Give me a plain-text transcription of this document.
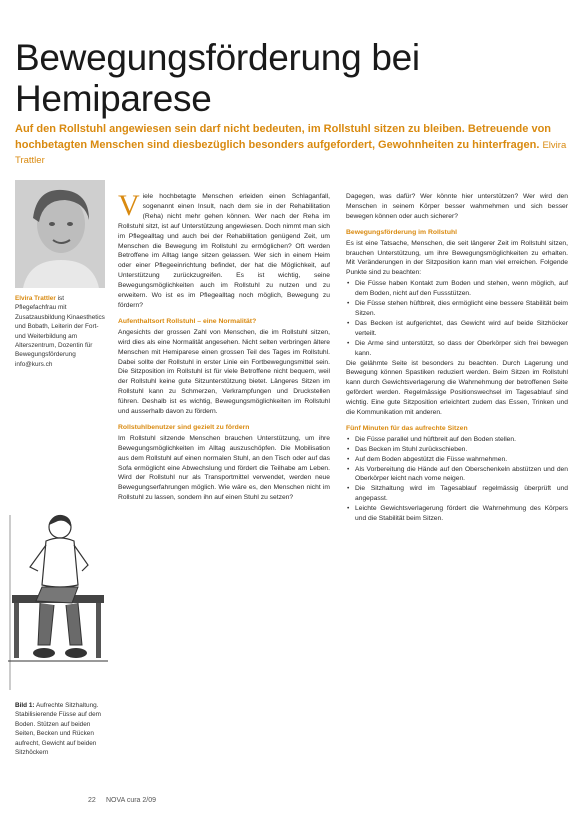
Bewegungsförderung bei Hemiparese
Auf den Rollstuhl angewiesen sein darf nicht bedeuten, im Rollstuhl sitzen zu bleiben. Betreuende von hochbetagten Menschen sind diesbezüglich besonders aufgefordert, Gewohnheiten zu hinterfragen. Elvira Trattler
Elvira Trattler ist Pflegefachfrau mit Zusatzausbildung Kinaesthetics und Bobath, Leiterin der Fort- und Weiterbildung am Alterszentrum, Dozentin für Bewegungsförderung
info@kurs.ch
Bild 1: Aufrechte Sitzhaltung. Stabilisierende Füsse auf dem Boden. Stützen auf beiden Seiten, Becken und Rücken aufrecht, Gewicht auf beiden Sitzhöckern

Viele hochbetagte Menschen erleiden einen Schlaganfall, sogenannt einen Insult, nach dem sie in der Rehabilitation (Reha) nicht mehr gehen können. Wer nach der Reha im Rollstuhl sitzt, ist auf Unterstützung angewiesen. Doch nimmt man sich im Pflegealltag und auch bei der Rehabilitation genügend Zeit, um Menschen die Bewegung im Rollstuhl zu ermöglichen? Oft werden Betroffene im Alltag lange sitzen gelassen. Wer sich in einem Heim oder einer Pflegeeinrichtung befindet, der hat die Möglichkeit, auf Unterstützung zurückzugreifen. Es ist wichtig, seine Bewegungsmöglichkeiten auch im Rollstuhl zu nutzen und zu erweitern. Wo ist es im Pflegealltag noch möglich, Bewegung zu fördern?

Aufenthaltsort Rollstuhl – eine Normalität?

Angesichts der grossen Zahl von Menschen, die im Rollstuhl sitzen, wird dies als eine Normalität angesehen. Nicht selten verbringen ältere Menschen mit Hemiparese einen grossen Teil des Tages im Rollstuhl. Dabei sollte der Rollstuhl in erster Linie ein Fortbewegungsmittel sein. Die Sitzposition im Rollstuhl ist für viele Betroffene nicht bequem, weil der Rollstuhl keine gute Sitzunterstützung bietet. Längeres Sitzen im Rollstuhl kann zu Schmerzen, Verkrampfungen und Druckstellen führen. Deshalb ist es wichtig, Bewegungsmöglichkeiten im Rollstuhl und ausserhalb davon zu fördern.

Rollstuhlbenutzer sind gezielt zu fördern

Im Rollstuhl sitzende Menschen brauchen Unterstützung, um ihre Bewegungsmöglichkeiten im Alltag auszuschöpfen. Die Mobilisation aus dem Rollstuhl auf einen normalen Stuhl, an den Tisch oder auf das Sofa ermöglicht eine Abwechslung und fördert die Teilhabe am Leben. Wird der Rollstuhl nur als Transportmittel verwendet, werden neue Bewegungserfahrungen möglich. Wie wäre es, den Menschen nicht im Rollstuhl zu lassen, sondern ihn auf einen Stuhl zu setzen?

Dagegen, was dafür? Wer könnte hier unterstützen? Wer wird den Menschen in seinem Körper besser wahrnehmen und sich besser bewegen können oder auch sicherer?

Bewegungsförderung im Rollstuhl

Es ist eine Tatsache, Menschen, die seit längerer Zeit im Rollstuhl sitzen, brauchen Unterstützung, um ihre Bewegungsmöglichkeiten zu erhalten. Mit Veränderungen in der Sitzposition kann man viel erreichen. Folgende Punkte sind zu beachten:

• Die Füsse haben Kontakt zum Boden und stehen, wenn möglich, auf dem Boden, nicht auf den Fussstützen.
• Die Füsse stehen hüftbreit, dies ermöglicht eine bessere Stabilität beim Sitzen.
• Das Becken ist aufgerichtet, das Gewicht wird auf beide Sitzhöcker verteilt.
• Die Arme sind unterstützt, so dass der Oberkörper sich frei bewegen kann.

Die gelähmte Seite ist besonders zu beachten. Durch Lagerung und Bewegung können Spastiken reduziert werden. Beim Sitzen im Rollstuhl kann durch Gewichtsverlagerung die Wahrnehmung der betroffenen Seite gefördert werden. Regelmässige Positionswechsel im Tagesablauf sind wichtig. Eine gute Sitzposition erleichtert zudem das Essen, Trinken und die Kommunikation mit anderen.

Fünf Minuten für das aufrechte Sitzen
• Die Füsse parallel und hüftbreit auf den Boden stellen.
• Das Becken im Stuhl zurückschieben.
• Auf dem Boden abgestützt die Füsse wahrnehmen.
• Als Vorbereitung die Hände auf den Oberschenkeln abstützen und den Oberkörper leicht nach vorne neigen.
• Die Sitzhaltung wird im Tagesablauf regelmässig überprüft und angepasst.
• Leichte Gewichtsverlagerung fördert die Wahrnehmung des Körpers und die Stabilität beim Sitzen.
22 NOVA cura 2/09
